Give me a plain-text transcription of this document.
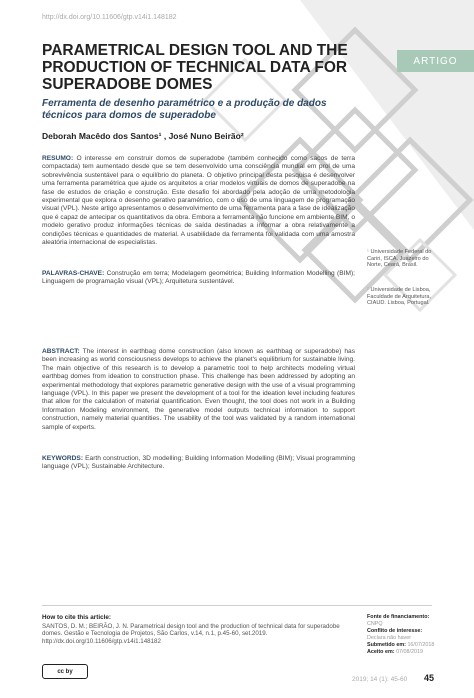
http://dx.doi.org/10.11606/gtp.v14i1.148182
ARTIGO
PARAMETRICAL DESIGN TOOL AND THE
PRODUCTION OF TECHNICAL DATA FOR
SUPERADOBE DOMES
Ferramenta de desenho paramétrico e a produção de dados técnicos para domos de superadobe
Deborah Macêdo dos Santos¹ , José Nuno Beirão²
RESUMO: O interesse em construir domos de superadobe (também conhecido como sacos de terra compactada) tem aumentado desde que se tem desenvolvido uma consciência mundial em prol de uma sobrevivência sustentável para o equilíbrio do planeta. O objetivo principal desta pesquisa é desenvolver uma ferramenta paramétrica que ajude os arquitetos a criar modelos virtuais de domos de superadobe na fase de estudos de criação e construção. Este desafio foi abordado pela adoção de uma metodologia experimental que explora o desenho gerativo paramétrico, com o uso de uma linguagem de programação visual (VPL). Neste artigo apresentamos o desenvolvimento de uma ferramenta para a fase de idealização que é capaz de antecipar os quantitativos da obra. Embora a ferramenta não funcione em ambiente BIM, o modelo gerativo produz informações técnicas de saída destinadas a informar a obra relativamente a condições técnicas e quantidades de material. A usabilidade da ferramenta foi validada com uma amostra aleatória internacional de especialistas.
PALAVRAS-CHAVE: Construção em terra; Modelagem geométrica; Building Information Modelling (BIM); Linguagem de programação visual (VPL); Arquitetura sustentável.
¹ Universidade Federal do Cariri, ISCA. Juazeiro do Norte, Ceará, Brasil.
² Universidade de Lisboa, Faculdade de Arquitetura, CIAUD. Lisboa, Portugal.
ABSTRACT: The interest in earthbag dome construction (also known as earthbag or superadobe) has been increasing as world consciousness develops to achieve the planet's equilibrium for sustainable living. The main objective of this research is to develop a parametric tool to help architects modeling virtual earthbag domes from ideation to construction phase. This challenge has been addressed by adopting an experimental methodology that explores parametric generative design with the use of a visual programming language (VPL). In this paper we present the development of a tool for the ideation level including features that allow for the calculation of material quantification. Even thought, the tool does not work in a Building Information Modeling environment, the generative model outputs technical information to support construction, namely material quantities. The usability of the tool was validated by a random international sample of experts.
KEYWORDS: Earth construction, 3D modelling; Building Information Modelling (BIM); Visual programming language (VPL); Sustainable Architecture.
How to cite this article:
SANTOS, D. M.; BEIRÃO, J. N. Parametrical design tool and the production of technical data for superadobe domes. Gestão e Tecnologia de Projetos, São Carlos, v.14, n.1, p.45-60, set.2019. http://dx.doi.org/10.11606/gtp.v14i1.148182
Fonte de financiamento:
CNPQ
Conflito de interesse:
Declara não haver
Submetido em: 16/07/2018
Aceito em: 07/08/2019
cc by
2019; 14 (1): 45-60 45
